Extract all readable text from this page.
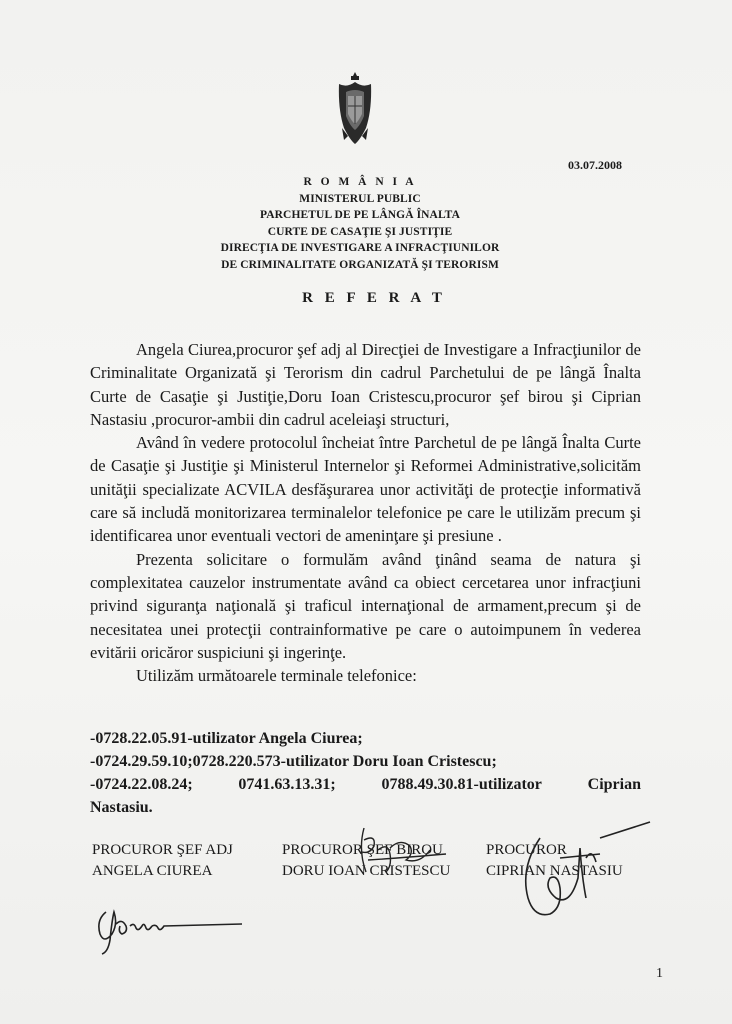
03.07.2008
R O M Â N I A
MINISTERUL PUBLIC
PARCHETUL DE PE LÂNGĂ ÎNALTA
CURTE DE CASAŢIE ŞI JUSTIŢIE
DIRECŢIA DE INVESTIGARE A INFRACŢIUNILOR
DE CRIMINALITATE ORGANIZATĂ ŞI TERORISM
R E F E R A T

Angela Ciurea,procuror şef adj al Direcţiei de Investigare a Infracţiunilor de Criminalitate Organizată şi Terorism din cadrul Parchetului de pe lângă Înalta Curte de Casaţie şi Justiţie,Doru Ioan Cristescu,procuror şef birou şi Ciprian Nastasiu ,procuror-ambii din cadrul aceleiaşi structuri,

Având în vedere protocolul încheiat între Parchetul de pe lângă Înalta Curte de Casaţie şi Justiţie şi Ministerul Internelor şi Reformei Administrative,solicităm unităţii specializate ACVILA desfăşurarea unor activităţi de protecţie informativă care să includă monitorizarea terminalelor telefonice pe care le utilizăm precum şi identificarea unor eventuali vectori de ameninţare şi presiune .

Prezenta solicitare o formulăm având ţinând seama de natura şi complexitatea cauzelor instrumentate având ca obiect cercetarea unor infracţiuni privind siguranţa naţională şi traficul internaţional de armament,precum şi de necesitatea unei protecţii contrainformative pe care o autoimpunem în vederea evitării oricăror suspiciuni şi ingerinţe.

Utilizăm următoarele terminale telefonice:

-0728.22.05.91-utilizator Angela Ciurea;
-0724.29.59.10;0728.220.573-utilizator Doru Ioan Cristescu;
-0724.22.08.24;	0741.63.13.31;	0788.49.30.81-utilizator	Ciprian
Nastasiu.
PROCUROR ŞEF ADJ
ANGELA CIUREA
PROCUROR ŞEF BIROU
DORU IOAN CRISTESCU
PROCUROR
CIPRIAN NASTASIU
1
